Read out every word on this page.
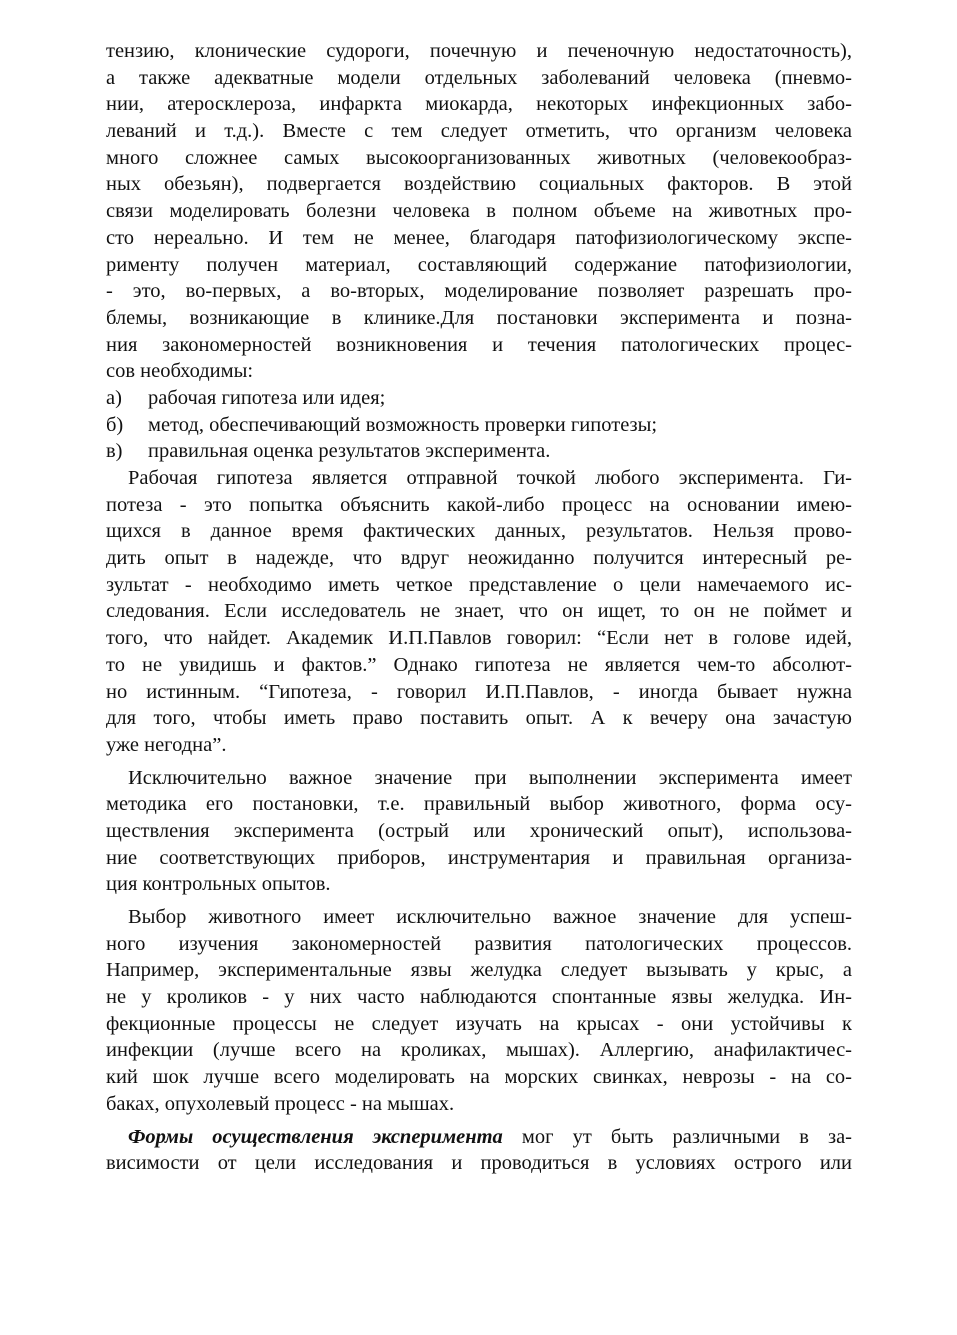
тензию, клонические судороги, почечную и печеночную недостаточность),
а также адекватные модели отдельных заболеваний человека (пневмо-
нии, атеросклероза, инфаркта миокарда, некоторых инфекционных забо-
леваний и т.д.). Вместе с тем следует отметить, что организм человека
много сложнее самых высокоорганизованных животных (человекообраз-
ных обезьян), подвергается воздействию социальных факторов. В этой
связи моделировать болезни человека в полном объеме на животных про-
сто нереально. И тем не менее, благодаря патофизиологическому экспе-
рименту получен материал, составляющий содержание патофизиологии,
- это, во-первых, а во-вторых, моделирование позволяет разрешать про-
блемы, возникающие в клинике.Для постановки эксперимента и позна-
ния закономерностей возникновения и течения патологических процес-
сов необходимы:
а)	рабочая гипотеза или идея;
б)	метод, обеспечивающий возможность проверки гипотезы;
в)	правильная оценка результатов эксперимента.
Рабочая гипотеза является отправной точкой любого эксперимента. Ги-
потеза - это попытка объяснить какой-либо процесс на основании имею-
щихся в данное время фактических данных, результатов. Нельзя прово-
дить опыт в надежде, что вдруг неожиданно получится интересный ре-
зультат - необходимо иметь четкое представление о цели намечаемого ис-
следования. Если исследователь не знает, что он ищет, то он не поймет и
того, что найдет. Академик И.П.Павлов говорил: “Если нет в голове идей,
то не увидишь и фактов.” Однако гипотеза не является чем-то абсолют-
но истинным. “Гипотеза, - говорил И.П.Павлов, - иногда бывает нужна
для того, чтобы иметь право поставить опыт. А к вечеру она зачастую
уже негодна”.
Исключительно важное значение при выполнении эксперимента имеет
методика его постановки, т.е. правильный выбор животного, форма осу-
ществления эксперимента (острый или хронический опыт), использова-
ние соответствующих приборов, инструментария и правильная организа-
ция контрольных опытов.
Выбор животного имеет исключительно важное значение для успеш-
ного изучения закономерностей развития патологических процессов.
Например, экспериментальные язвы желудка следует вызывать у крыс, а
не у кроликов - у них часто наблюдаются спонтанные язвы желудка. Ин-
фекционные процессы не следует изучать на крысах - они устойчивы к
инфекции (лучше всего на кроликах, мышах). Аллергию, анафилактичес-
кий шок лучше всего моделировать на морских свинках, неврозы - на со-
баках, опухолевый процесс - на мышах.
Формы осуществления эксперимента мог ут быть различными в за-
висимости от цели исследования и проводиться в условиях острого или
